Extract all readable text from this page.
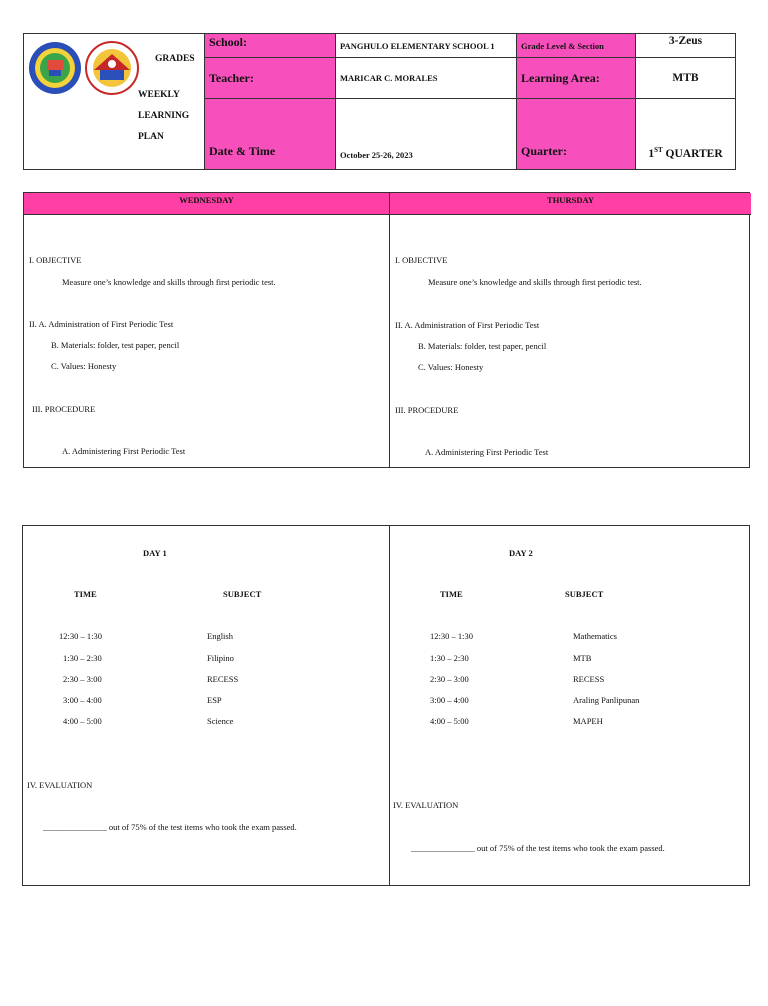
GRADES
WEEKLY
LEARNING
PLAN	School:	PANGHULO ELEMENTARY SCHOOL 1	Grade Level & Section	3-Zeus
	Teacher:	MARICAR C. MORALES	Learning Area:	MTB
	Date & Time	October 25-26, 2023	Quarter:	1ST QUARTER
WEDNESDAY
I. OBJECTIVE
Measure one’s knowledge and skills through first periodic test.
II. A. Administration of First Periodic Test
B. Materials: folder, test paper, pencil
C. Values: Honesty
III. PROCEDURE
A. Administering First Periodic Test
THURSDAY
I. OBJECTIVE
Measure one’s knowledge and skills through first periodic test.
II. A. Administration of First Periodic Test
B. Materials: folder, test paper, pencil
C. Values: Honesty
III. PROCEDURE
A. Administering First Periodic Test
DAY 1
TIME	SUBJECT
12:30 – 1:30	English
1:30 – 2:30	Filipino
2:30 – 3:00	RECESS
3:00 – 4:00	ESP
4:00 – 5:00	Science
IV. EVALUATION
_______________ out of 75% of the test items who took the exam passed.
DAY 2
TIME	SUBJECT
12:30 – 1:30	Mathematics
1:30 – 2:30	MTB
2:30 – 3:00	RECESS
3:00 – 4:00	Araling Panlipunan
4:00 – 5:00	MAPEH
IV. EVALUATION
_______________ out of 75% of the test items who took the exam passed.
